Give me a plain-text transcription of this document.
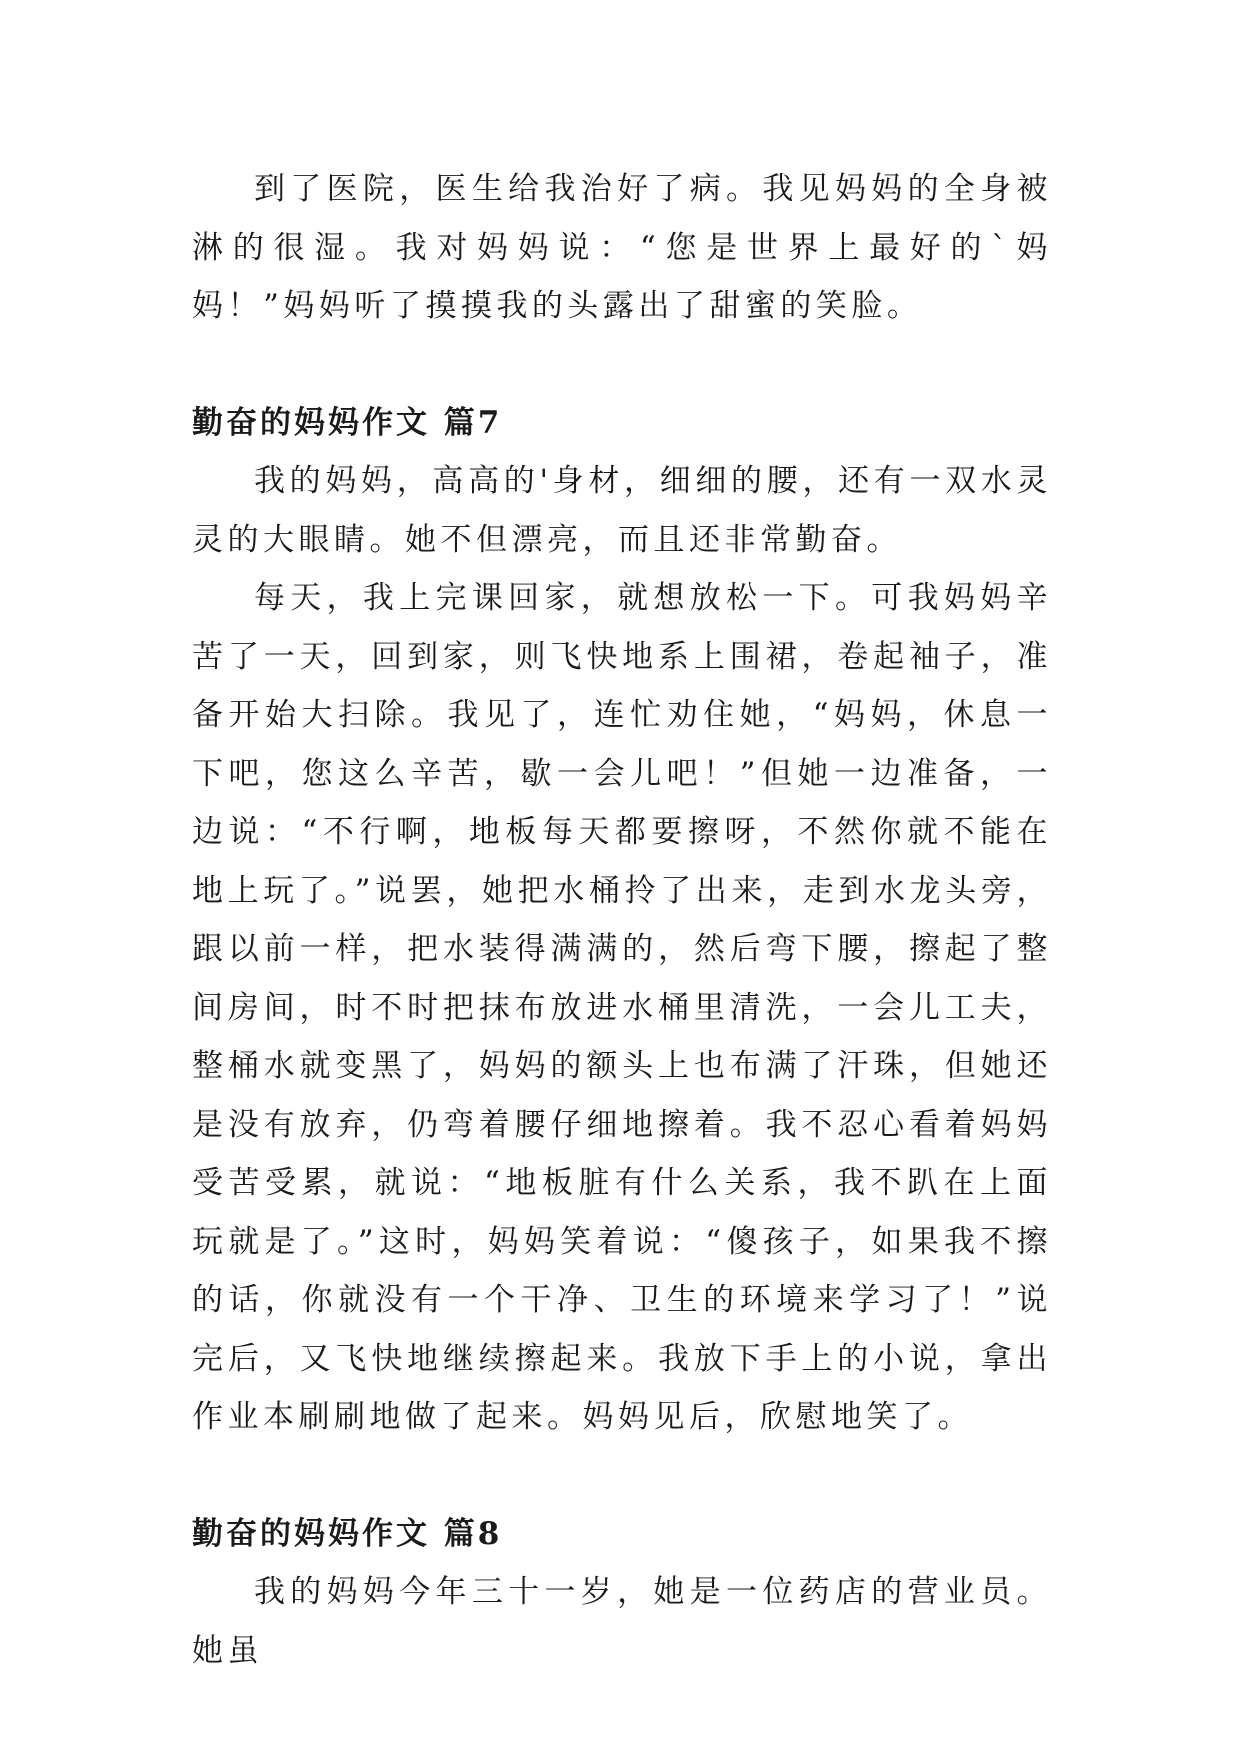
到了医院，医生给我治好了病。我见妈妈的全身被淋的很湿。我对妈妈说：“您是世界上最好的`妈妈！”妈妈听了摸摸我的头露出了甜蜜的笑脸。

勤奋的妈妈作文 篇7

我的妈妈，高高的'身材，细细的腰，还有一双水灵灵的大眼睛。她不但漂亮，而且还非常勤奋。

每天，我上完课回家，就想放松一下。可我妈妈辛苦了一天，回到家，则飞快地系上围裙，卷起袖子，准备开始大扫除。我见了，连忙劝住她，“妈妈，休息一下吧，您这么辛苦，歇一会儿吧！”但她一边准备，一边说：“不行啊，地板每天都要擦呀，不然你就不能在地上玩了。”说罢，她把水桶拎了出来，走到水龙头旁，跟以前一样，把水装得满满的，然后弯下腰，擦起了整间房间，时不时把抹布放进水桶里清洗，一会儿工夫，整桶水就变黑了，妈妈的额头上也布满了汗珠，但她还是没有放弃，仍弯着腰仔细地擦着。我不忍心看着妈妈受苦受累，就说：“地板脏有什么关系，我不趴在上面玩就是了。”这时，妈妈笑着说：“傻孩子，如果我不擦的话，你就没有一个干净、卫生的环境来学习了！”说完后，又飞快地继续擦起来。我放下手上的小说，拿出作业本刷刷地做了起来。妈妈见后，欣慰地笑了。

勤奋的妈妈作文 篇8

我的妈妈今年三十一岁，她是一位药店的营业员。她虽
